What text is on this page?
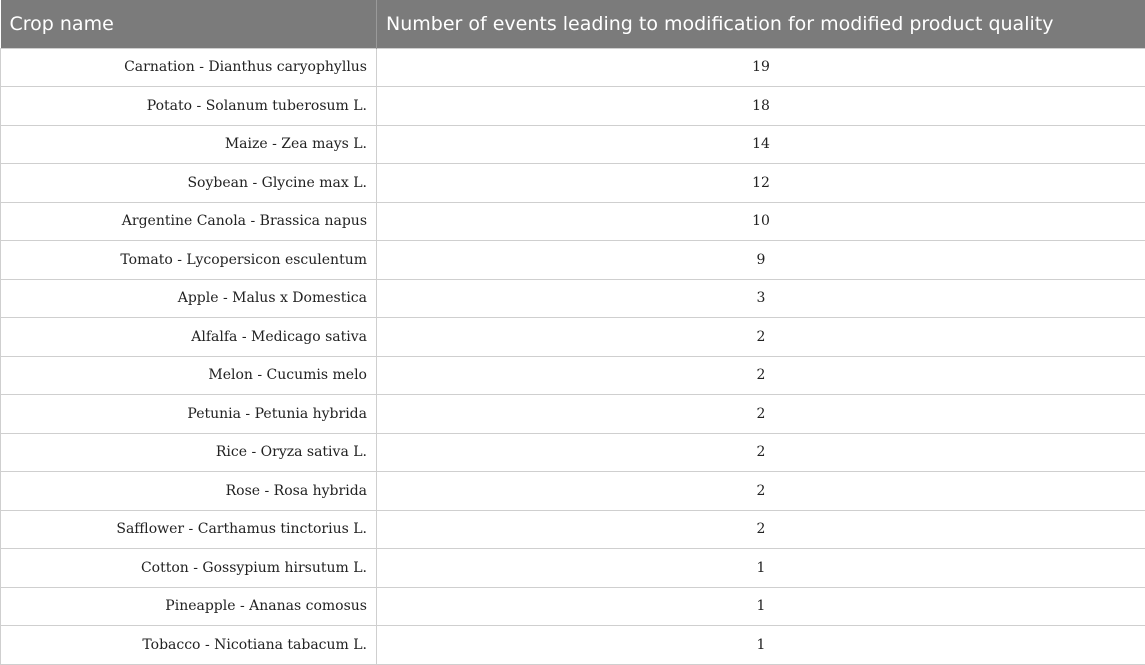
Crop name	Number of events leading to modification for modified product quality
Carnation - Dianthus caryophyllus	19
Potato - Solanum tuberosum L.	18
Maize - Zea mays L.	14
Soybean - Glycine max L.	12
Argentine Canola - Brassica napus	10
Tomato - Lycopersicon esculentum	9
Apple - Malus x Domestica	3
Alfalfa - Medicago sativa	2
Melon - Cucumis melo	2
Petunia - Petunia hybrida	2
Rice - Oryza sativa L.	2
Rose - Rosa hybrida	2
Safflower - Carthamus tinctorius L.	2
Cotton - Gossypium hirsutum L.	1
Pineapple - Ananas comosus	1
Tobacco - Nicotiana tabacum L.	1
